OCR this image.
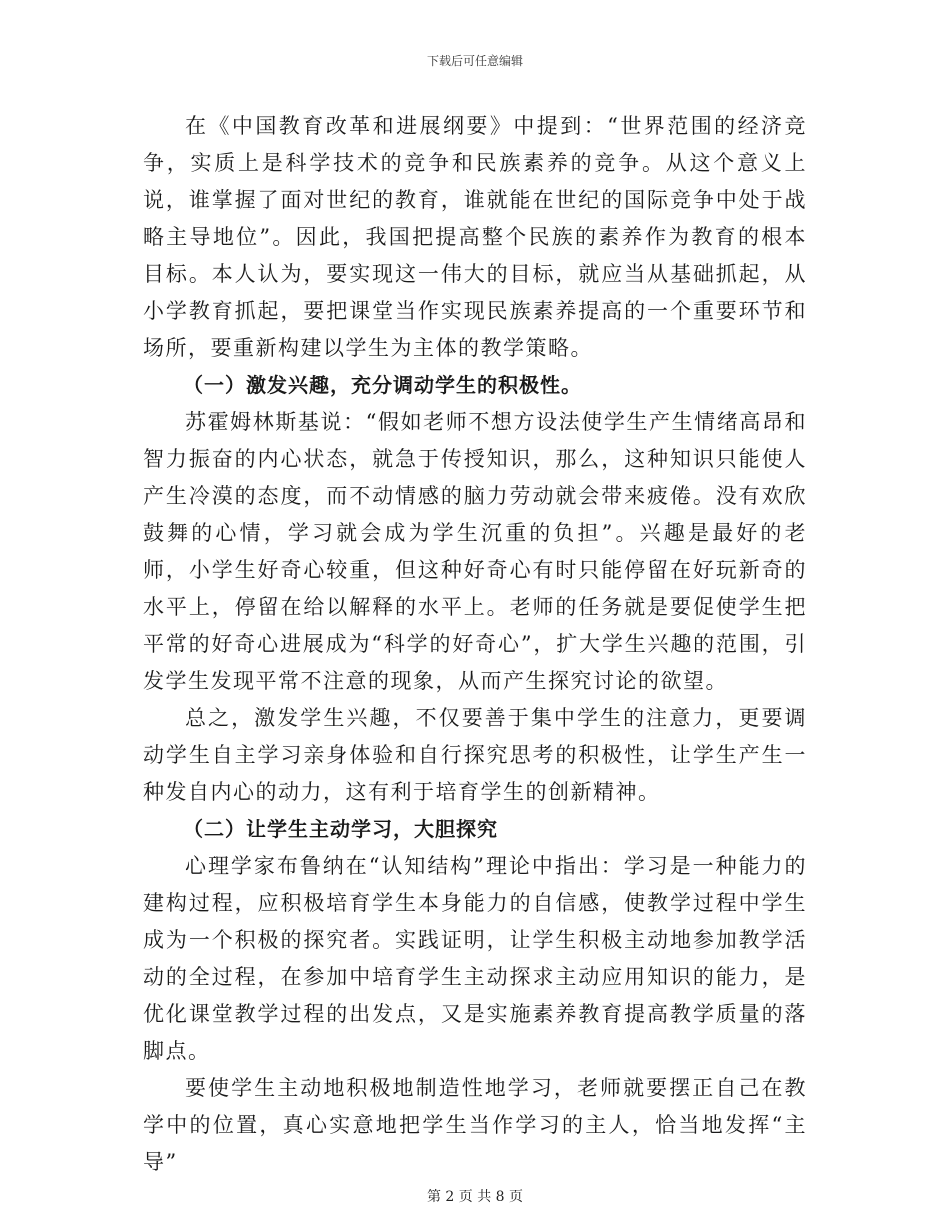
下载后可任意编辑

在《中国教育改革和进展纲要》中提到：“世界范围的经济竞争，实质上是科学技术的竞争和民族素养的竞争。从这个意义上说，谁掌握了面对世纪的教育，谁就能在世纪的国际竞争中处于战略主导地位”。因此，我国把提高整个民族的素养作为教育的根本目标。本人认为，要实现这一伟大的目标，就应当从基础抓起，从小学教育抓起，要把课堂当作实现民族素养提高的一个重要环节和场所，要重新构建以学生为主体的教学策略。

（一）激发兴趣，充分调动学生的积极性。

苏霍姆林斯基说：“假如老师不想方设法使学生产生情绪高昂和智力振奋的内心状态，就急于传授知识，那么，这种知识只能使人产生冷漠的态度，而不动情感的脑力劳动就会带来疲倦。没有欢欣鼓舞的心情，学习就会成为学生沉重的负担”。兴趣是最好的老师，小学生好奇心较重，但这种好奇心有时只能停留在好玩新奇的水平上，停留在给以解释的水平上。老师的任务就是要促使学生把平常的好奇心进展成为“科学的好奇心”，扩大学生兴趣的范围，引发学生发现平常不注意的现象，从而产生探究讨论的欲望。

总之，激发学生兴趣，不仅要善于集中学生的注意力，更要调动学生自主学习亲身体验和自行探究思考的积极性，让学生产生一种发自内心的动力，这有利于培育学生的创新精神。

（二）让学生主动学习，大胆探究

心理学家布鲁纳在“认知结构”理论中指出：学习是一种能力的建构过程，应积极培育学生本身能力的自信感，使教学过程中学生成为一个积极的探究者。实践证明，让学生积极主动地参加教学活动的全过程，在参加中培育学生主动探求主动应用知识的能力，是优化课堂教学过程的出发点，又是实施素养教育提高教学质量的落脚点。

要使学生主动地积极地制造性地学习，老师就要摆正自己在教学中的位置，真心实意地把学生当作学习的主人，恰当地发挥“主导”

第 2 页 共 8 页
